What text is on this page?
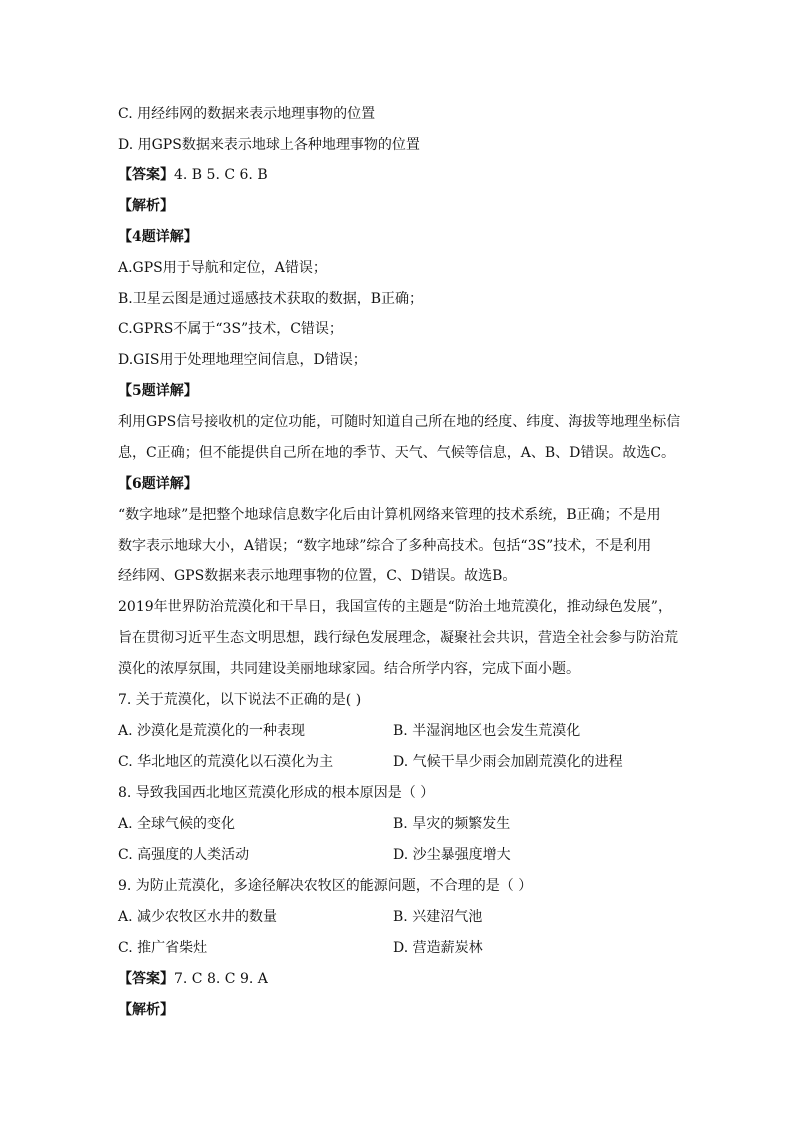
C. 用经纬网的数据来表示地理事物的位置
D. 用GPS数据来表示地球上各种地理事物的位置
【答案】4. B 5. C 6. B
【解析】
【4题详解】
A.GPS用于导航和定位，A错误；
B.卫星云图是通过遥感技术获取的数据，B正确；
C.GPRS不属于“3S”技术，C错误；
D.GIS用于处理地理空间信息，D错误；
【5题详解】
利用GPS信号接收机的定位功能，可随时知道自己所在地的经度、纬度、海拔等地理坐标信
息，C正确；但不能提供自己所在地的季节、天气、气候等信息，A、B、D错误。故选C。
【6题详解】
“数字地球”是把整个地球信息数字化后由计算机网络来管理的技术系统，B正确；不是用
数字表示地球大小，A错误；“数字地球”综合了多种高技术。包括“3S”技术，不是利用
经纬网、GPS数据来表示地理事物的位置，C、D错误。故选B。
2019年世界防治荒漠化和干旱日，我国宣传的主题是“防治土地荒漠化，推动绿色发展”，
旨在贯彻习近平生态文明思想，践行绿色发展理念，凝聚社会共识，营造全社会参与防治荒
漠化的浓厚氛围，共同建设美丽地球家园。结合所学内容，完成下面小题。
7. 关于荒漠化，以下说法不正确的是( )
A. 沙漠化是荒漠化的一种表现	B. 半湿润地区也会发生荒漠化
C. 华北地区的荒漠化以石漠化为主	D. 气候干旱少雨会加剧荒漠化的进程
8. 导致我国西北地区荒漠化形成的根本原因是（ ）
A. 全球气候的变化	B. 旱灾的频繁发生
C. 高强度的人类活动	D. 沙尘暴强度增大
9. 为防止荒漠化，多途径解决农牧区的能源问题，不合理的是（ ）
A. 减少农牧区水井的数量	B. 兴建沼气池
C. 推广省柴灶	D. 营造薪炭林
【答案】7. C 8. C 9. A
【解析】
